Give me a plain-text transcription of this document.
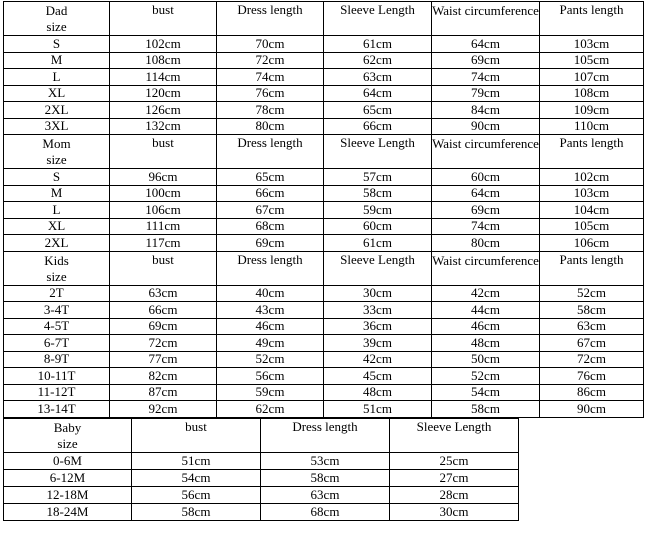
Dad
size	bust	Dress length	Sleeve Length	Waist circumference	Pants length
S	102cm	70cm	61cm	64cm	103cm
M	108cm	72cm	62cm	69cm	105cm
L	114cm	74cm	63cm	74cm	107cm
XL	120cm	76cm	64cm	79cm	108cm
2XL	126cm	78cm	65cm	84cm	109cm
3XL	132cm	80cm	66cm	90cm	110cm

Mom
size	bust	Dress length	Sleeve Length	Waist circumference	Pants length
S	96cm	65cm	57cm	60cm	102cm
M	100cm	66cm	58cm	64cm	103cm
L	106cm	67cm	59cm	69cm	104cm
XL	111cm	68cm	60cm	74cm	105cm
2XL	117cm	69cm	61cm	80cm	106cm

Kids
size	bust	Dress length	Sleeve Length	Waist circumference	Pants length
2T	63cm	40cm	30cm	42cm	52cm
3-4T	66cm	43cm	33cm	44cm	58cm
4-5T	69cm	46cm	36cm	46cm	63cm
6-7T	72cm	49cm	39cm	48cm	67cm
8-9T	77cm	52cm	42cm	50cm	72cm
10-11T	82cm	56cm	45cm	52cm	76cm
11-12T	87cm	59cm	48cm	54cm	86cm
13-14T	92cm	62cm	51cm	58cm	90cm
Baby
size	bust	Dress length	Sleeve Length
0-6M	51cm	53cm	25cm
6-12M	54cm	58cm	27cm
12-18M	56cm	63cm	28cm
18-24M	58cm	68cm	30cm
